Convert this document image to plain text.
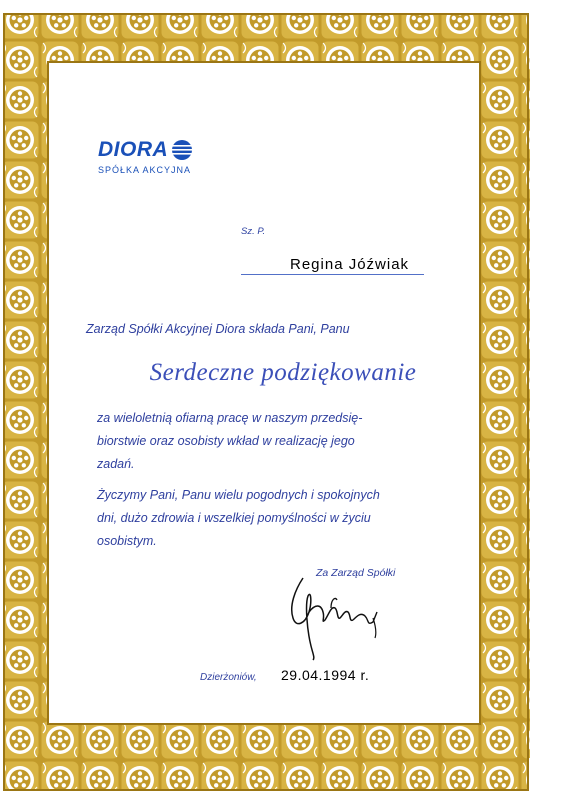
DIORA
SPÓŁKA AKCYJNA
Sz. P.
Regina Jóźwiak
Zarząd Spółki Akcyjnej Diora składa Pani, Panu
Serdeczne podziękowanie
za wieloletnią ofiarną pracę w naszym przedsię-
biorstwie oraz osobisty wkład w realizację jego
zadań.
Życzymy Pani, Panu wielu pogodnych i spokojnych
dni, dużo zdrowia i wszelkiej pomyślności w życiu
osobistym.
Za Zarząd Spółki
Dzierżoniów, 29.04.1994 r.
